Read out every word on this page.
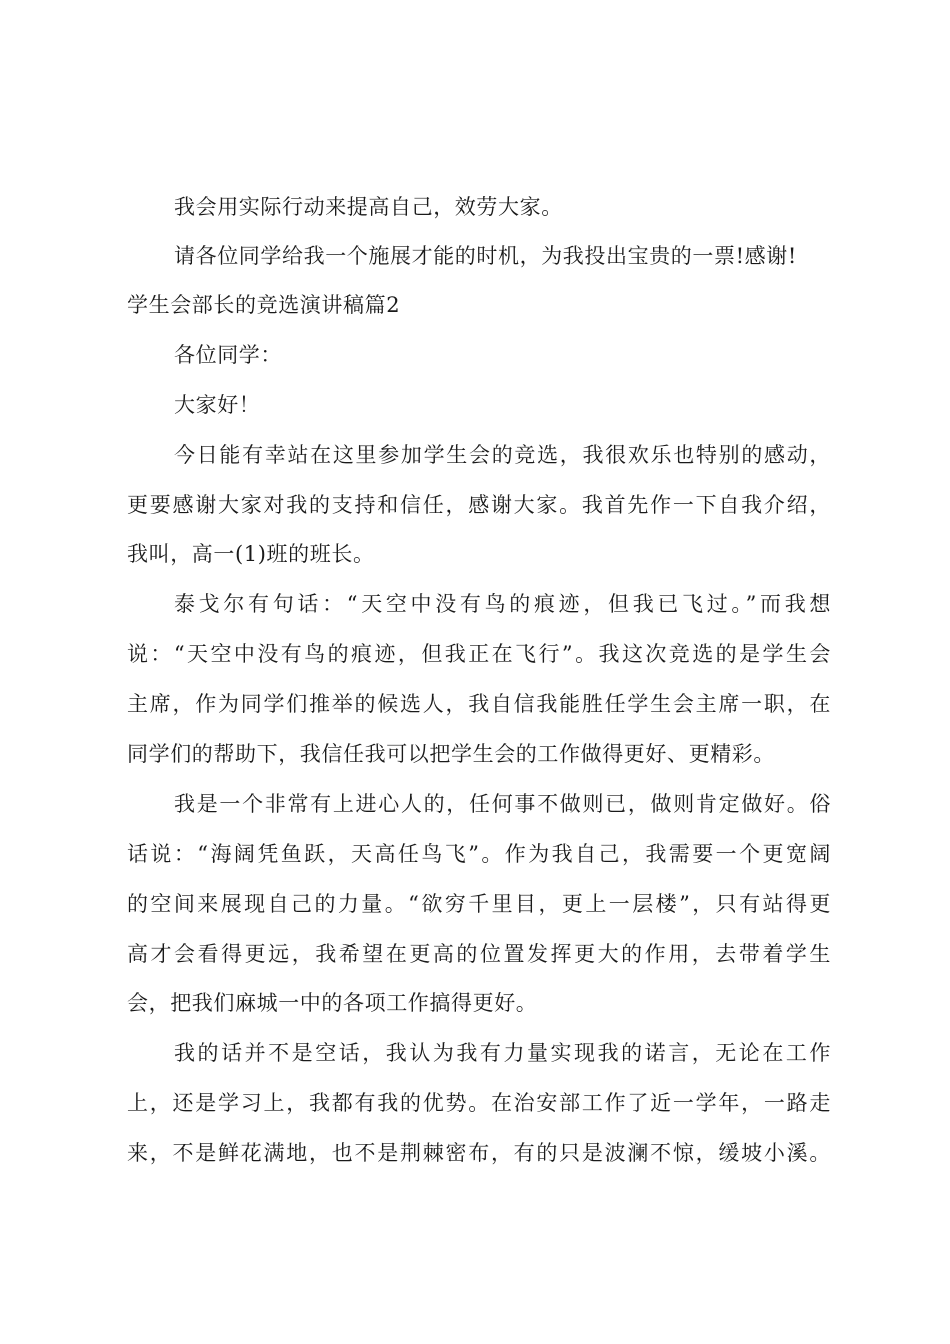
我会用实际行动来提高自己，效劳大家。
请各位同学给我一个施展才能的时机，为我投出宝贵的一票!感谢!
学生会部长的竞选演讲稿篇2
各位同学：
大家好！
今日能有幸站在这里参加学生会的竞选，我很欢乐也特别的感动，
更要感谢大家对我的支持和信任，感谢大家。我首先作一下自我介绍，
我叫，高一(1)班的班长。
泰戈尔有句话：“天空中没有鸟的痕迹，但我已飞过。”而我想
说：“天空中没有鸟的痕迹，但我正在飞行”。我这次竞选的是学生会
主席，作为同学们推举的候选人，我自信我能胜任学生会主席一职，在
同学们的帮助下，我信任我可以把学生会的工作做得更好、更精彩。
我是一个非常有上进心人的，任何事不做则已，做则肯定做好。俗
话说：“海阔凭鱼跃，天高任鸟飞”。作为我自己，我需要一个更宽阔
的空间来展现自己的力量。“欲穷千里目，更上一层楼”，只有站得更
高才会看得更远，我希望在更高的位置发挥更大的作用，去带着学生
会，把我们麻城一中的各项工作搞得更好。
我的话并不是空话，我认为我有力量实现我的诺言，无论在工作
上，还是学习上，我都有我的优势。在治安部工作了近一学年，一路走
来，不是鲜花满地，也不是荆棘密布，有的只是波澜不惊，缓坡小溪。
